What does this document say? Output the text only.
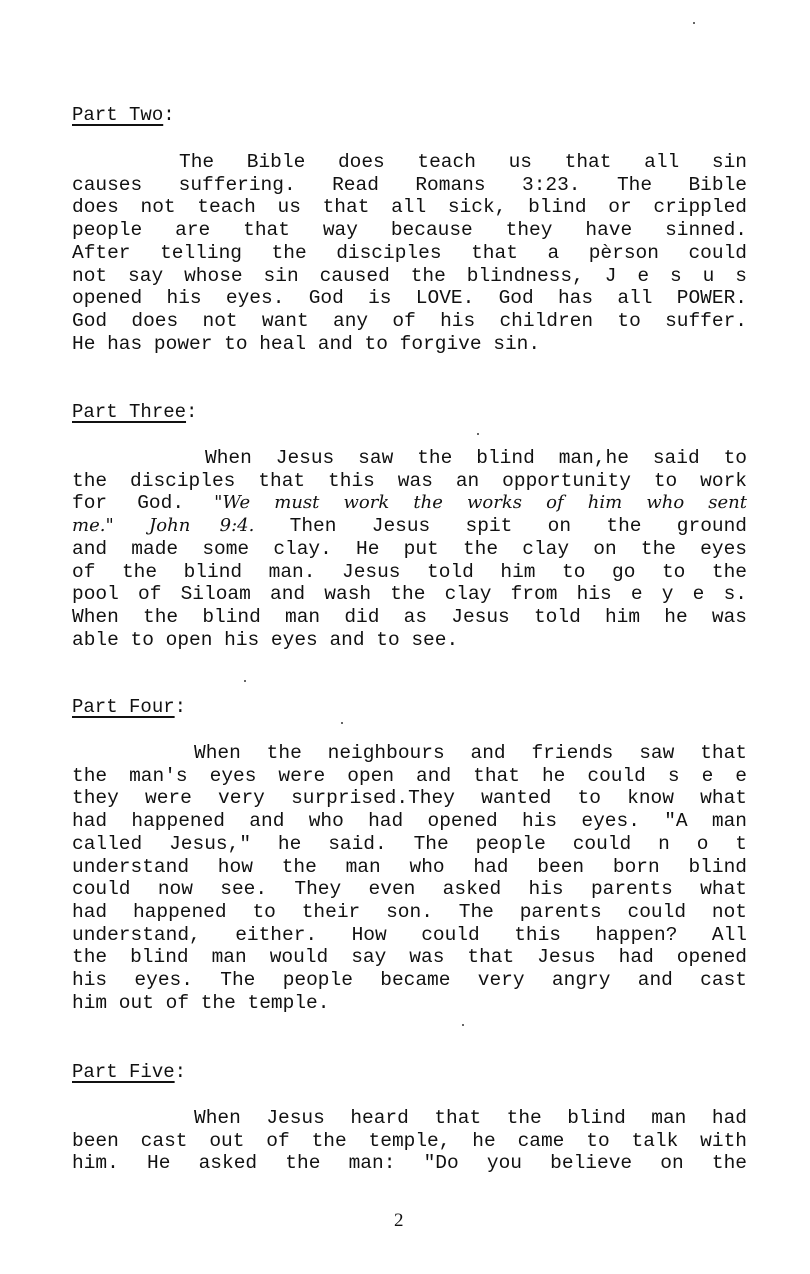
Part Two:
The Bible does teach us that all sin
causes suffering. Read Romans 3:23. The Bible
does not teach us that all sick, blind or crippled
people are that way because they have sinned.
After telling the disciples that a pèrson could
not say whose sin caused the blindness, J e s u s
opened his eyes. God is LOVE. God has all POWER.
God does not want any of his children to suffer.
He has power to heal and to forgive sin.
Part Three:
When Jesus saw the blind man,he said to
the disciples that this was an opportunity to work
for God. "We must work the works of him who sent
me." John 9:4. Then Jesus spit on the ground
and made some clay. He put the clay on the eyes
of the blind man. Jesus told him to go to the
pool of Siloam and wash the clay from his e y e s.
When the blind man did as Jesus told him he was
able to open his eyes and to see.
Part Four:
When the neighbours and friends saw that
the man's eyes were open and that he could s e e
they were very surprised.They wanted to know what
had happened and who had opened his eyes. "A man
called Jesus," he said. The people could n o t
understand how the man who had been born blind
could now see. They even asked his parents what
had happened to their son. The parents could not
understand, either. How could this happen? All
the blind man would say was that Jesus had opened
his eyes. The people became very angry and cast
him out of the temple.
Part Five:
When Jesus heard that the blind man had
been cast out of the temple, he came to talk with
him. He asked the man: "Do you believe on the
2
